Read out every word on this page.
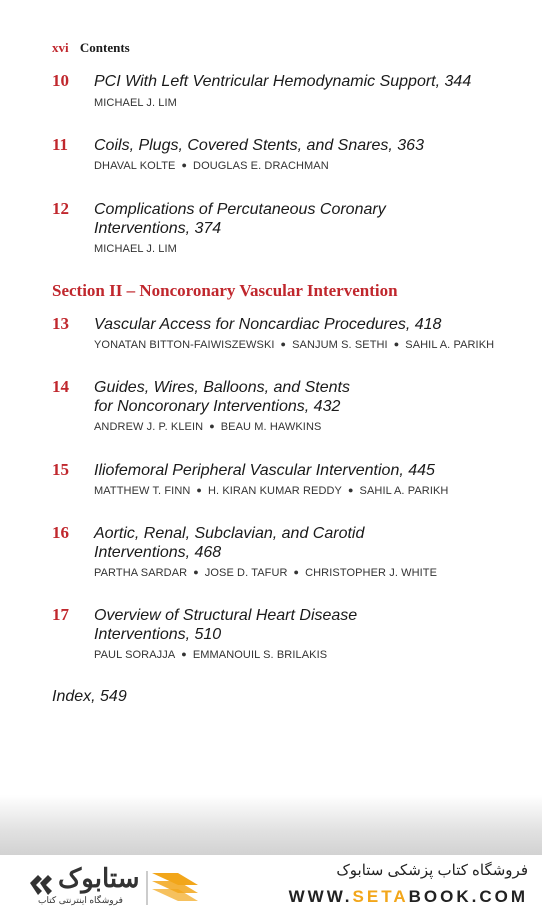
xvi Contents
10 PCI With Left Ventricular Hemodynamic Support, 344
MICHAEL J. LIM
11 Coils, Plugs, Covered Stents, and Snares, 363
DHAVAL KOLTE ● DOUGLAS E. DRACHMAN
12 Complications of Percutaneous Coronary
Interventions, 374
MICHAEL J. LIM
Section II – Noncoronary Vascular Intervention
13 Vascular Access for Noncardiac Procedures, 418
YONATAN BITTON-FAIWISZEWSKI ● SANJUM S. SETHI ● SAHIL A. PARIKH
14 Guides, Wires, Balloons, and Stents
for Noncoronary Interventions, 432
ANDREW J. P. KLEIN ● BEAU M. HAWKINS
15 Iliofemoral Peripheral Vascular Intervention, 445
MATTHEW T. FINN ● H. KIRAN KUMAR REDDY ● SAHIL A. PARIKH
16 Aortic, Renal, Subclavian, and Carotid
Interventions, 468
PARTHA SARDAR ● JOSE D. TAFUR ● CHRISTOPHER J. WHITE
17 Overview of Structural Heart Disease
Interventions, 510
PAUL SORAJJA ● EMMANOUIL S. BRILAKIS
Index, 549
ستابوک
فروشگاه اینترنتی کتاب
فروشگاه کتاب پزشکی ستابوک
WWW.SETABOOK.COM
